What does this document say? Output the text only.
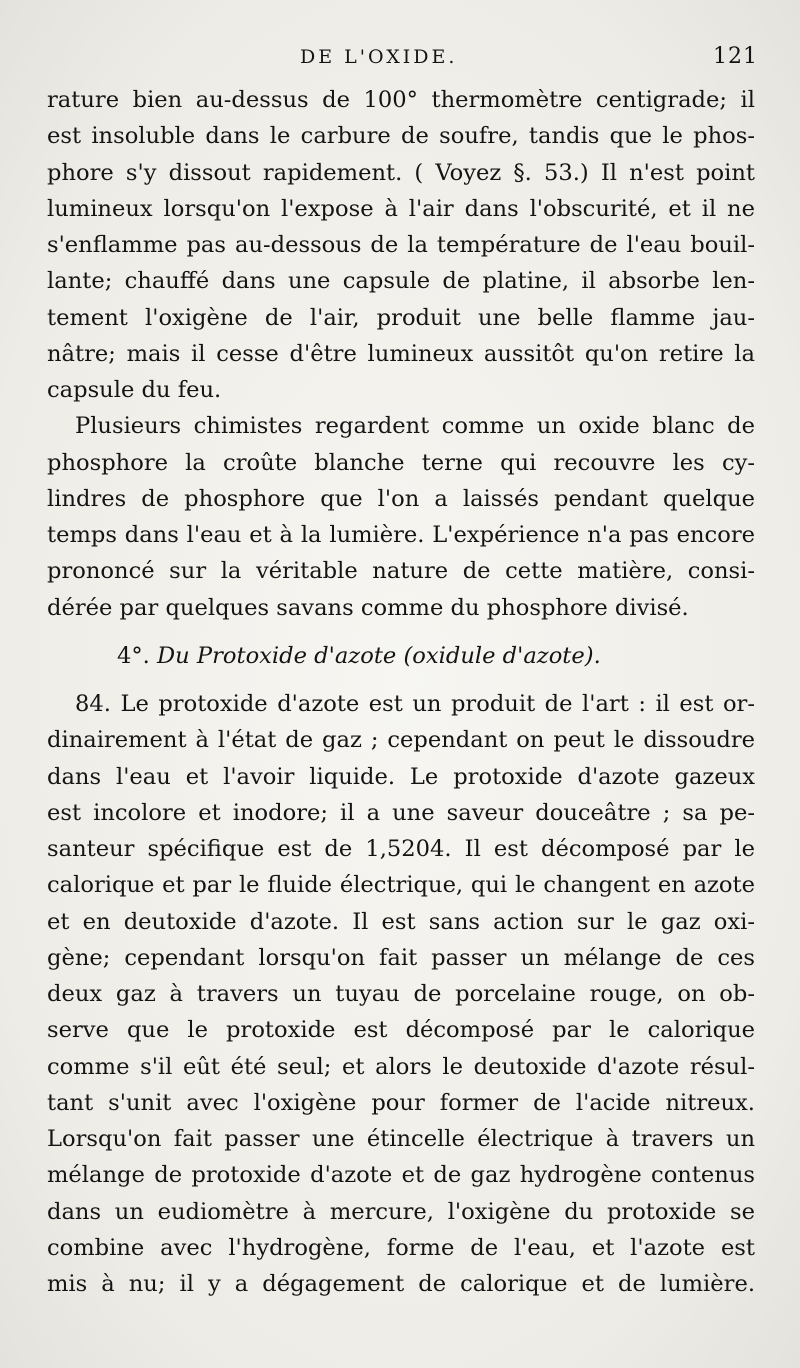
DE L'OXIDE.	121
rature bien au-dessus de 100° thermomètre centigrade; il
est insoluble dans le carbure de soufre, tandis que le phos-
phore s'y dissout rapidement. ( Voyez §. 53.) Il n'est point
lumineux lorsqu'on l'expose à l'air dans l'obscurité, et il ne
s'enflamme pas au-dessous de la température de l'eau bouil-
lante; chauffé dans une capsule de platine, il absorbe len-
tement l'oxigène de l'air, produit une belle flamme jau-
nâtre; mais il cesse d'être lumineux aussitôt qu'on retire la
capsule du feu.
Plusieurs chimistes regardent comme un oxide blanc de
phosphore la croûte blanche terne qui recouvre les cy-
lindres de phosphore que l'on a laissés pendant quelque
temps dans l'eau et à la lumière. L'expérience n'a pas encore
prononcé sur la véritable nature de cette matière, consi-
dérée par quelques savans comme du phosphore divisé.
4°. Du Protoxide d'azote (oxidule d'azote).
84. Le protoxide d'azote est un produit de l'art : il est or-
dinairement à l'état de gaz ; cependant on peut le dissoudre
dans l'eau et l'avoir liquide. Le protoxide d'azote gazeux
est incolore et inodore; il a une saveur douceâtre ; sa pe-
santeur spécifique est de 1,5204. Il est décomposé par le
calorique et par le fluide électrique, qui le changent en azote
et en deutoxide d'azote. Il est sans action sur le gaz oxi-
gène; cependant lorsqu'on fait passer un mélange de ces
deux gaz à travers un tuyau de porcelaine rouge, on ob-
serve que le protoxide est décomposé par le calorique
comme s'il eût été seul; et alors le deutoxide d'azote résul-
tant s'unit avec l'oxigène pour former de l'acide nitreux.
Lorsqu'on fait passer une étincelle électrique à travers un
mélange de protoxide d'azote et de gaz hydrogène contenus
dans un eudiomètre à mercure, l'oxigène du protoxide se
combine avec l'hydrogène, forme de l'eau, et l'azote est
mis à nu; il y a dégagement de calorique et de lumière.
